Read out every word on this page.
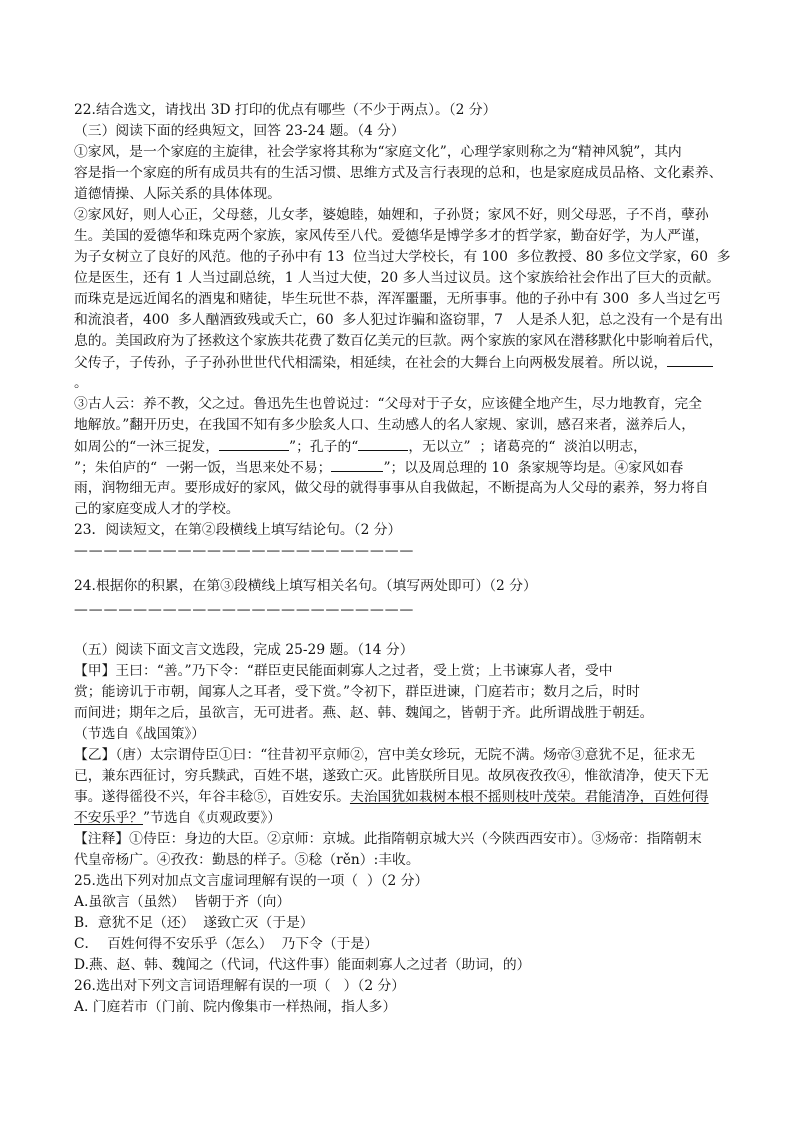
22.结合选文，请找出 3D 打印的优点有哪些（不少于两点）。（2 分）
（三）阅读下面的经典短文，回答 23-24 题。（4 分）
①家风，是一个家庭的主旋律，社会学家将其称为“家庭文化”，心理学家则称之为“精神风貌”，其内
容是指一个家庭的所有成员共有的生活习惯、思维方式及言行表现的总和，也是家庭成员品格、文化素养、
道德情操、人际关系的具体体现。
②家风好，则人心正，父母慈，儿女孝，婆媳睦，妯娌和，子孙贤；家风不好，则父母恶，子不肖，孽孙
生。美国的爱德华和珠克两个家族，家风传至八代。爱德华是博学多才的哲学家，勤奋好学，为人严谨，
为子女树立了良好的风范。他的子孙中有 13  位当过大学校长，有 100  多位教授、80 多位文学家，60  多
位是医生，还有 1 人当过副总统，1 人当过大使，20 多人当过议员。这个家族给社会作出了巨大的贡献。
而珠克是远近闻名的酒鬼和赌徒，毕生玩世不恭，浑浑噩噩，无所事事。他的子孙中有 300  多人当过乞丐
和流浪者，400  多人酗酒致残或夭亡，60  多人犯过诈骗和盗窃罪，7   人是杀人犯，总之没有一个是有出
息的。美国政府为了拯救这个家族共花费了数百亿美元的巨款。两个家族的家风在潜移默化中影响着后代，
父传子，子传孙，子子孙孙世世代代相濡染，相延续，在社会的大舞台上向两极发展着。所以说，
。
③古人云：养不教，父之过。鲁迅先生也曾说过：“父母对于子女，应该健全地产生，尽力地教育，完全
地解放。”翻开历史，在我国不知有多少脍炙人口、生动感人的名人家规、家训，感召来者，滋养后人，
如周公的“一沐三捉发，	”；孔子的“	，无以立”  ；诸葛亮的“  淡泊以明志，
”；朱伯庐的“  一粥一饭，当思来处不易；	”；以及周总理的 10  条家规等均是。④家风如春
雨，润物细无声。要形成好的家风，做父母的就得事事从自我做起，不断提高为人父母的素养，努力将自
己的家庭变成人才的学校。
23．阅读短文，在第②段横线上填写结论句。（2 分）
———————————————————————
24.根据你的积累，在第③段横线上填写相关名句。（填写两处即可）（2 分）
———————————————————————
（五）阅读下面文言文选段，完成 25-29 题。（14 分）
【甲】王曰：“善。”乃下令：“群臣吏民能面刺寡人之过者，受上赏；上书谏寡人者，受中
赏；能谤讥于市朝，闻寡人之耳者，受下赏。”令初下，群臣进谏，门庭若市；数月之后，时时
而间进；期年之后，虽欲言，无可进者。燕、赵、韩、魏闻之，皆朝于齐。此所谓战胜于朝廷。
（节选自《战国策》）
【乙】（唐）太宗谓侍臣①曰：“往昔初平京师②，宫中美女珍玩，无院不满。炀帝③意犹不足，征求无
已，兼东西征讨，穷兵黩武，百姓不堪，遂致亡灭。此皆朕所目见。故夙夜孜孜④，惟欲清净，使天下无
事。遂得徭役不兴，年谷丰稔⑤，百姓安乐。夫治国犹如栽树本根不摇则枝叶茂荣。君能清净，百姓何得
不安乐乎？”节选自《贞观政要》）
【注释】①侍臣：身边的大臣。②京师：京城。此指隋朝京城大兴（今陕西西安市）。③炀帝：指隋朝末
代皇帝杨广。④孜孜：勤恳的样子。⑤稔（rěn）:丰收。
25.选出下列对加点文言虚词理解有误的一项（  ）（2 分）
A.虽欲言（虽然）  皆朝于齐（向）
B．意犹不足（还）  遂致亡灭（于是）
C．  百姓何得不安乐乎（怎么）  乃下令（于是）
D.燕、赵、韩、魏闻之（代词，代这件事）能面刺寡人之过者（助词，的）
26.选出对下列文言词语理解有误的一项（   ）（2 分）
A. 门庭若市（门前、院内像集市一样热闹，指人多）
